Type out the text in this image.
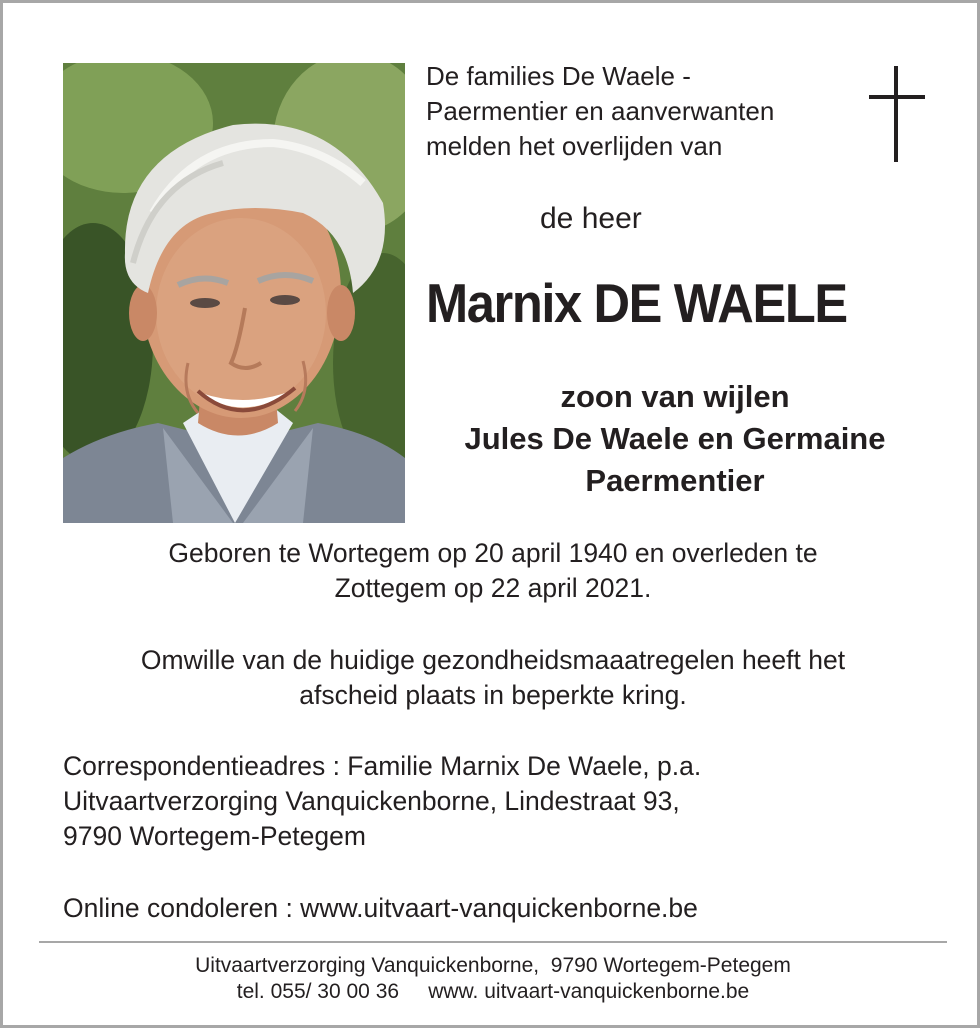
De families De Waele -
Paermentier en aanverwanten
melden het overlijden van
de heer
Marnix DE WAELE
zoon van wijlen
Jules De Waele en Germaine
Paermentier
Geboren te Wortegem op 20 april 1940 en overleden te
Zottegem op 22 april 2021.
Omwille van de huidige gezondheidsmaaatregelen heeft het
afscheid plaats in beperkte kring.
Correspondentieadres : Familie Marnix De Waele, p.a.
Uitvaartverzorging Vanquickenborne, Lindestraat 93,
9790 Wortegem-Petegem
Online condoleren : www.uitvaart-vanquickenborne.be
Uitvaartverzorging Vanquickenborne,  9790 Wortegem-Petegem
tel. 055/ 30 00 36     www. uitvaart-vanquickenborne.be
